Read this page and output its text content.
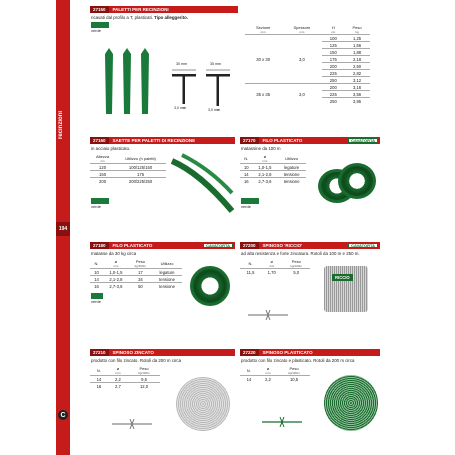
recinzioni
194
C
27150	PALETTI PER RECINZIONI
ricavati dal profilo a T, plasticati. Tipo alleggerito.
verde
30 mm	35 mm
3,0 mm	3,0 mm
Sezione
mm	Spessore
mm	H
cm	Peso
kg

30 x 30	3,0	100	1,25
		125	1,56
		150	1,88
		175	2,18
		200	2,50
		225	2,82
		250	3,12
35 x 35	3,0	200	3,16
		225	3,56
		250	3,95
27160	SAETTE PER PALETTI DI RECINZIONE
in acciaio plasticato.
Altezza
cm	Utilizzo (h paletti)
120	100/125/150
150	175
200	200/225/250
verde
27170	FILO PLASTICATO	CAVATORTA
matassine da 100 m
N.	ø
mm	Utilizzo
10	1,0-1,5	legature
14	2,1-2,8	tensione
16	2,7-3,6	tensione
verde
27180	FILO PLASTICATO	CAVATORTA
matasse da 30 kg circa
N.	ø
mm	Peso
kg/100m	Utilizzo
10	1,0-1,5	17	legature
14	2,1-2,8	34	tensione
16	2,7-3,6	50	tensione
verde
27200	SPINOSO 'RICCIO'	CAVATORTA
ad alta resistenza e forte zincatura. Rotoli da 100 m e 250 m.
N.	ø
mm	Peso
kg/100m

11,5	1,70	5,0
RICCIO
27210	SPINOSO ZINCATO
prodotto con filo zincato. Rotoli da 200 m circa
N.	ø
mm	Peso
kg/100m

14	2,2	9,5
16	2,7	12,0
27220	SPINOSO PLASTICATO
prodotto con filo zincato e plasticato. Rotoli da 200 m circa
N.	ø
mm	Peso
kg/100m

14	2,2	10,5
